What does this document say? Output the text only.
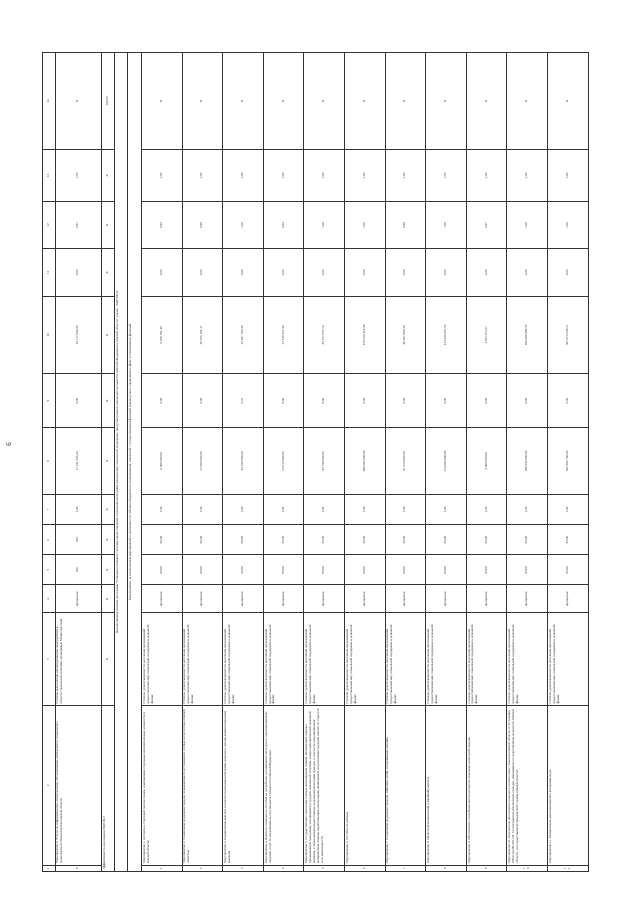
9
1	2	3	4	5	6	7	8	9	10	11	12	13	14
6	Мероприятие 6. Услуги по информационно-техническому обслуживанию электронного социального транспортного Министерства Омской области	Степень выполнения запланированных мероприятий в области социальной политики, проводимых Министерством	процентов	100	100	1,00	17 231 333,33	0,00	16 717 946,50	0,00	0,97	1,00	X
Эффективность реализации ВЦП № 2		X	X	X	X	X	X	X	X	X	X	X	100,00
Ведомственная целевая программа "Совершенствование системы предоставления отдельным категориям граждан мер социальной поддержки, предусмотренных законодательством Российской Федерации и Омской области" (далее - ВЦП № 3)													
Мероприятия, за исключением мероприятий и деятельности субъекта бюджетного планирования, связанной с осуществлением функций руководства и управления в сфере установленных функций													
1	Мероприятие 1. Доплаты к страховой пенсии лицам, замещавшим отдельные муниципальные должности в Омской области	Степень удовлетворенности населения организацией предоставления мер социальной поддержки в денежной форме	процентов	85,00	95,00	1,00	6 500 000,00	0,00	6 076 551,46	0,00	0,93	1,00	X
2	Мероприятие 2. Социальная поддержка граждан за выдающиеся достижения и особые заслуги перед Омской областью	Степень удовлетворенности населения организацией предоставления мер социальной поддержки в денежной форме	процентов	85,00	95,00	1,00	27 000 000,00	0,00	26 676 182,17	0,00	0,99	1,00	X
3	Мероприятие 3. Ежемесячная выплата к пенсии отдельным категориям граждан и прочие компенсационные выплаты	Степень удовлетворенности населения организацией предоставления мер социальной поддержки в денежной форме	процентов	85,00	96,00	1,00	25 354 500,00	0,01	25 287 163,28	0,00	1,00	1,00	X
4	Мероприятие 4. Выплата социального пособия на погребение и возмещение расходов по гарантированному перечню услуг по погребению за счет бюджета субъекта Российской Федерации	Степень удовлетворенности населения организацией предоставления мер социальной поддержки в денежной форме	процентов	85,00	95,00	1,00	23 012 000,00	0,00	21 616 651,58	0,00	0,94	1,00	X
5	Мероприятие 5. Государственная социальная помощь малоимущим семьям, малоимущим одиноко проживающим гражданам, находящимся в трудной жизненной ситуации, в виде единовременной денежной выплаты, а также материальная помощь отдельным категориям граждан, в том числе единовременная материальная помощь неработающим пенсионерам, являющимся получателями трудовой пенсии по старости и по инвалидности	Степень удовлетворенности населения организацией предоставления мер социальной поддержки в денежной форме	процентов	85,00	95,00	1,00	83 790 000,00	0,00	83 377 057,70	0,00	1,00	1,00	X
6	Мероприятие 6. Пособие на ребенка	Степень удовлетворенности населения организацией предоставления мер социальной поддержки в денежной форме	процентов	85,00	95,00	1,00	980 000 000,00	0,00	979 334 318,45	0,00	1,00	1,00	X
7	Мероприятие 7. Социальная поддержка граждан, имеющих детей, и беременных женщин	Степень удовлетворенности населения организацией предоставления мер социальной поддержки в денежной форме	процентов	85,00	95,00	1,00	87 470 000,00	0,00	86 267 885,50	0,00	0,99	1,00	X
8	Мероприятие 8. Областной материнский (семейный) капитал	Степень удовлетворенности населения организацией предоставления мер социальной поддержки в денежной форме	процентов	85,00	95,00	1,00	214 000 000,00	0,00	213 234 697,53	0,00	1,00	1,00	X
9	Мероприятие 9. Обеспечение служебным автотранспортом отдельных категорий граждан	Степень удовлетворенности населения организацией предоставления мер социальной поддержки в денежной форме	процентов	85,00	95,00	1,00	2 090 000,00	0,00	2 037 673,27	0,00	0,97	1,00	X
10	Мероприятие 10. Пенсионное обеспечение граждан в соответствии с Законом Омской области от 22 декабря 2004 года № 601-ОЗ "О пенсионном обеспечении граждан, замещавших государственные должности Омской области, и государственной гражданской службы Омской области"	Степень удовлетворенности населения организацией предоставления мер социальной поддержки в денежной форме	процентов	85,00	95,00	1,00	288 550 000,00	0,00	288 480 968,55	0,00	1,00	1,00	X
11	Мероприятие 11. Ежемесячная денежная выплата ветеранам труда	Степень удовлетворенности населения организацией предоставления мер социальной поддержки в денежной форме	процентов	85,00	93,00	1,00	362 562 780,00	0,00	361 972 049,11	0,00	1,00	1,00	X
